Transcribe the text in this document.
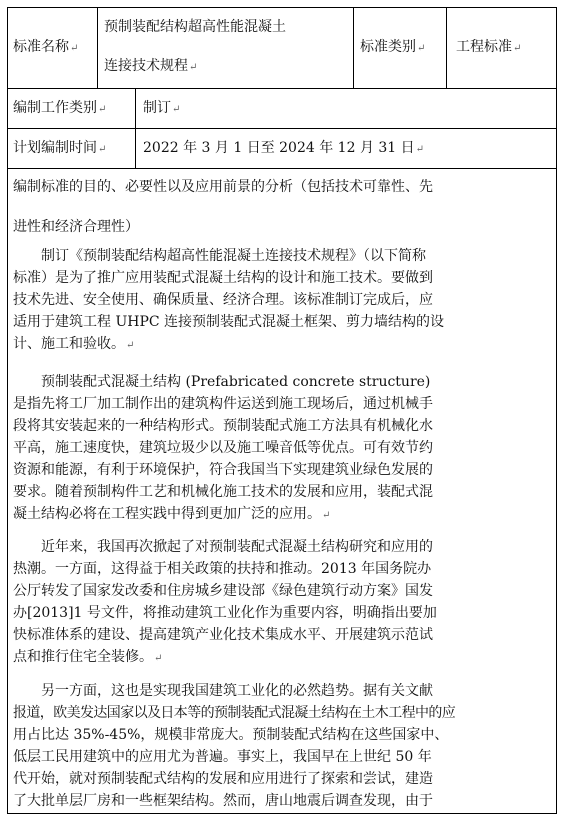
标准名称↵
预制装配结构超高性能混凝土
连接技术规程↵
标准类别↵ 工程标准↵
编制工作类别↵	制订↵
计划编制时间↵	2022 年 3 月 1 日至 2024 年 12 月 31 日↵
编制标准的目的、必要性以及应用前景的分析（包括技术可靠性、先
进性和经济合理性）
制订《预制装配结构超高性能混凝土连接技术规程》（以下简称
标准）是为了推广应用装配式混凝土结构的设计和施工技术。要做到
技术先进、安全使用、确保质量、经济合理。该标准制订完成后，应
适用于建筑工程 UHPC 连接预制装配式混凝土框架、剪力墙结构的设
计、施工和验收。↵
预制装配式混凝土结构 (Prefabricated concrete structure)
是指先将工厂加工制作出的建筑构件运送到施工现场后，通过机械手
段将其安装起来的一种结构形式。预制装配式施工方法具有机械化水
平高，施工速度快，建筑垃圾少以及施工噪音低等优点。可有效节约
资源和能源，有利于环境保护，符合我国当下实现建筑业绿色发展的
要求。随着预制构件工艺和机械化施工技术的发展和应用，装配式混
凝土结构必将在工程实践中得到更加广泛的应用。↵
近年来，我国再次掀起了对预制装配式混凝土结构研究和应用的
热潮。一方面，这得益于相关政策的扶持和推动。2013 年国务院办
公厅转发了国家发改委和住房城乡建设部《绿色建筑行动方案》国发
办[2013]1 号文件，将推动建筑工业化作为重要内容，明确指出要加
快标准体系的建设、提高建筑产业化技术集成水平、开展建筑示范试
点和推行住宅全装修。↵
另一方面，这也是实现我国建筑工业化的必然趋势。据有关文献
报道，欧美发达国家以及日本等的预制装配式混凝土结构在土木工程中的应
用占比达 35%-45%，规模非常庞大。预制装配式结构在这些国家中、
低层工民用建筑中的应用尤为普遍。事实上，我国早在上世纪 50 年
代开始，就对预制装配式结构的发展和应用进行了探索和尝试，建造
了大批单层厂房和一些框架结构。然而，唐山地震后调查发现，由于
